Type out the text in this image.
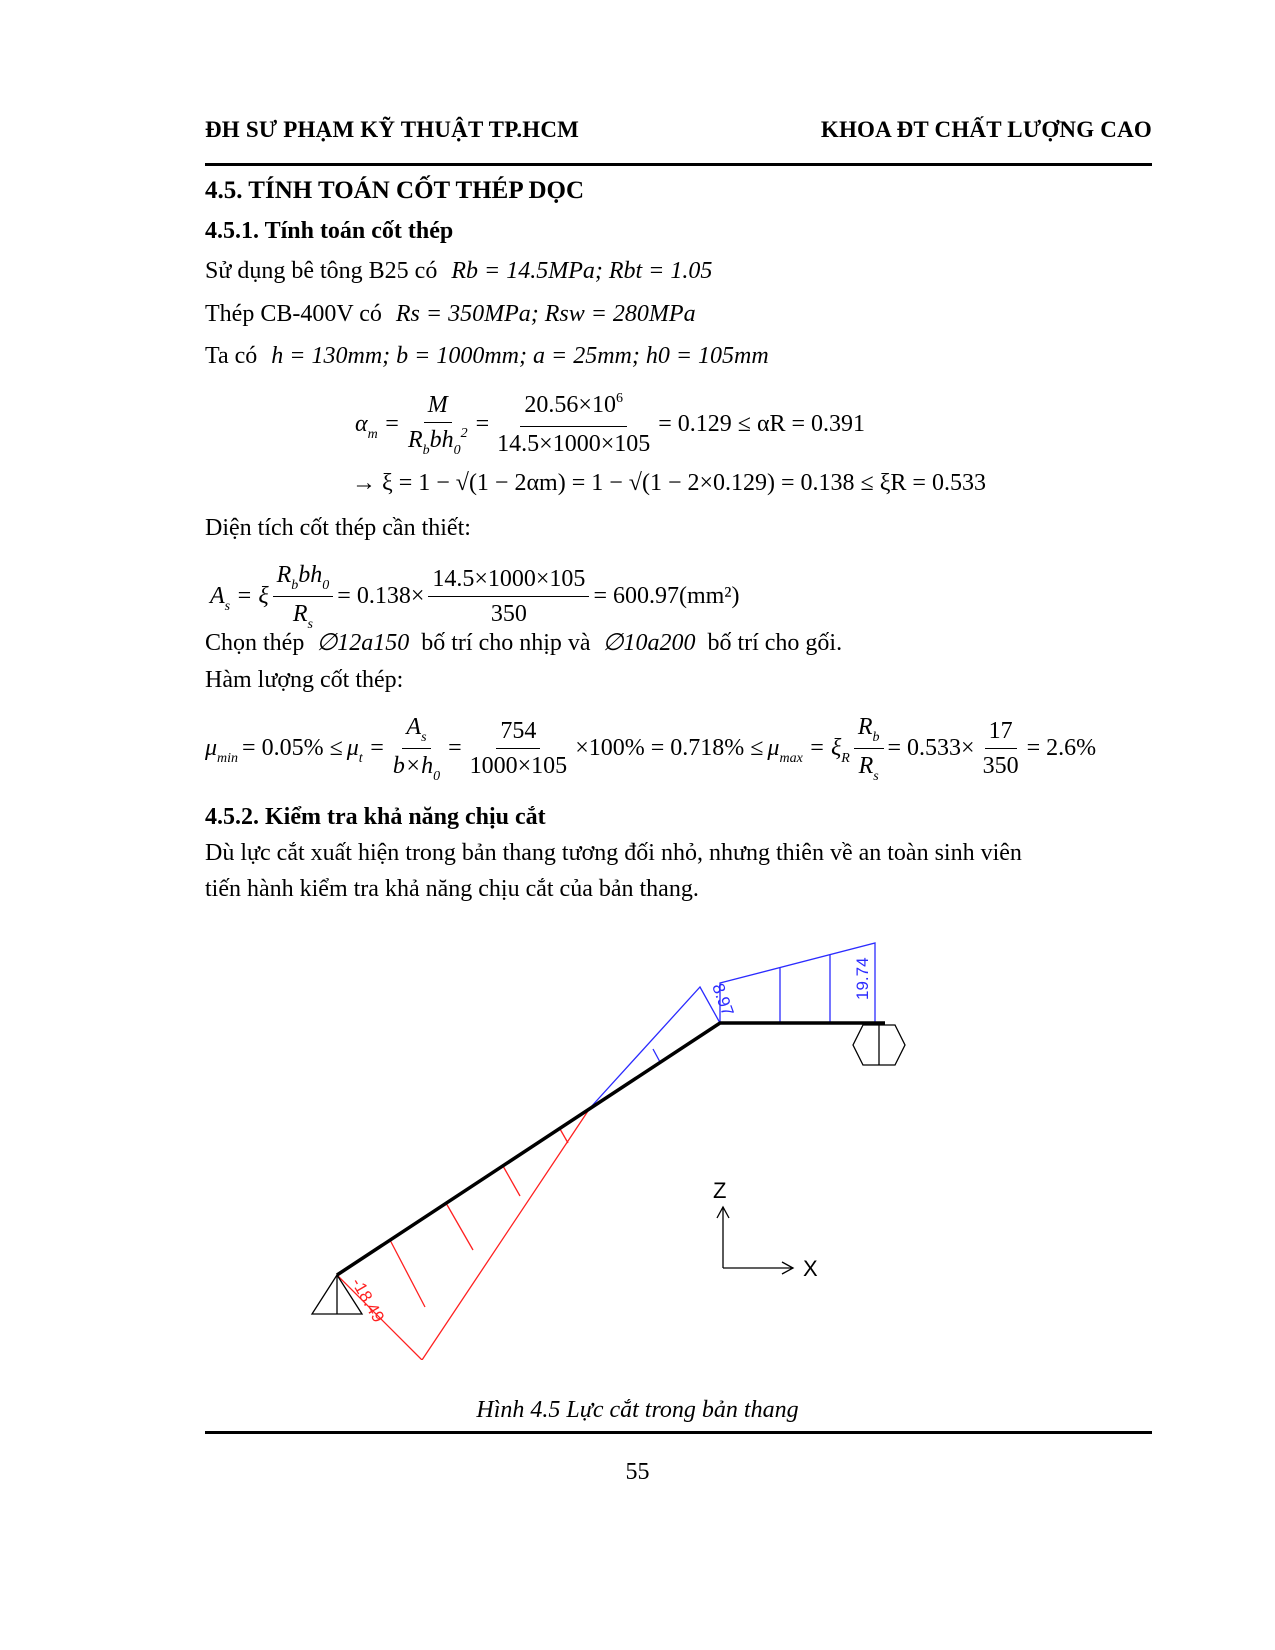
ĐH SƯ PHẠM KỸ THUẬT TP.HCM	KHOA ĐT CHẤT LƯỢNG CAO
4.5. TÍNH TOÁN CỐT THÉP DỌC
4.5.1. Tính toán cốt thép
Sử dụng bê tông B25 có Rb = 14.5MPa; Rbt = 1.05
Thép CB-400V có Rs = 350MPa; Rsw = 280MPa
Ta có h = 130mm; b = 1000mm; a = 25mm; h0 = 105mm
$\alpha_m = \frac{M}{R_bbh_0^2} = \frac{20.56\times 10^6}{14.5\times 1000\times 105} = 0.129 \le \alpha R = 0.391$
→ ξ = 1 − √(1 − 2αm) = 1 − √(1 − 2×0.129) = 0.138 ≤ ξR = 0.533
Diện tích cốt thép cần thiết:
$A_s = \xi \frac{R_bbh_0}{R_s} = 0.138\times \frac{14.5\times 1000\times 105}{350} = 600.97(mm^2)$
Chọn thép ∅12a150 bố trí cho nhịp và ∅10a200 bố trí cho gối.
Hàm lượng cốt thép:
$\mu_{min} = 0.05\% \le \mu_t = \frac{A_s}{b\times h_0} = \frac{754}{1000\times 105} \times 100\% = 0.718\% \le \mu_{max} = \xi_R \frac{R_b}{R_s} = 0.533\times \frac{17}{350} = 2.6\%$
4.5.2. Kiểm tra khả năng chịu cắt
Dù lực cắt xuất hiện trong bản thang tương đối nhỏ, nhưng thiên về an toàn sinh viên
tiến hành kiểm tra khả năng chịu cắt của bản thang.
19.74
8.97
-18.49
Z
X
Hình 4.5 Lực cắt trong bản thang
55
